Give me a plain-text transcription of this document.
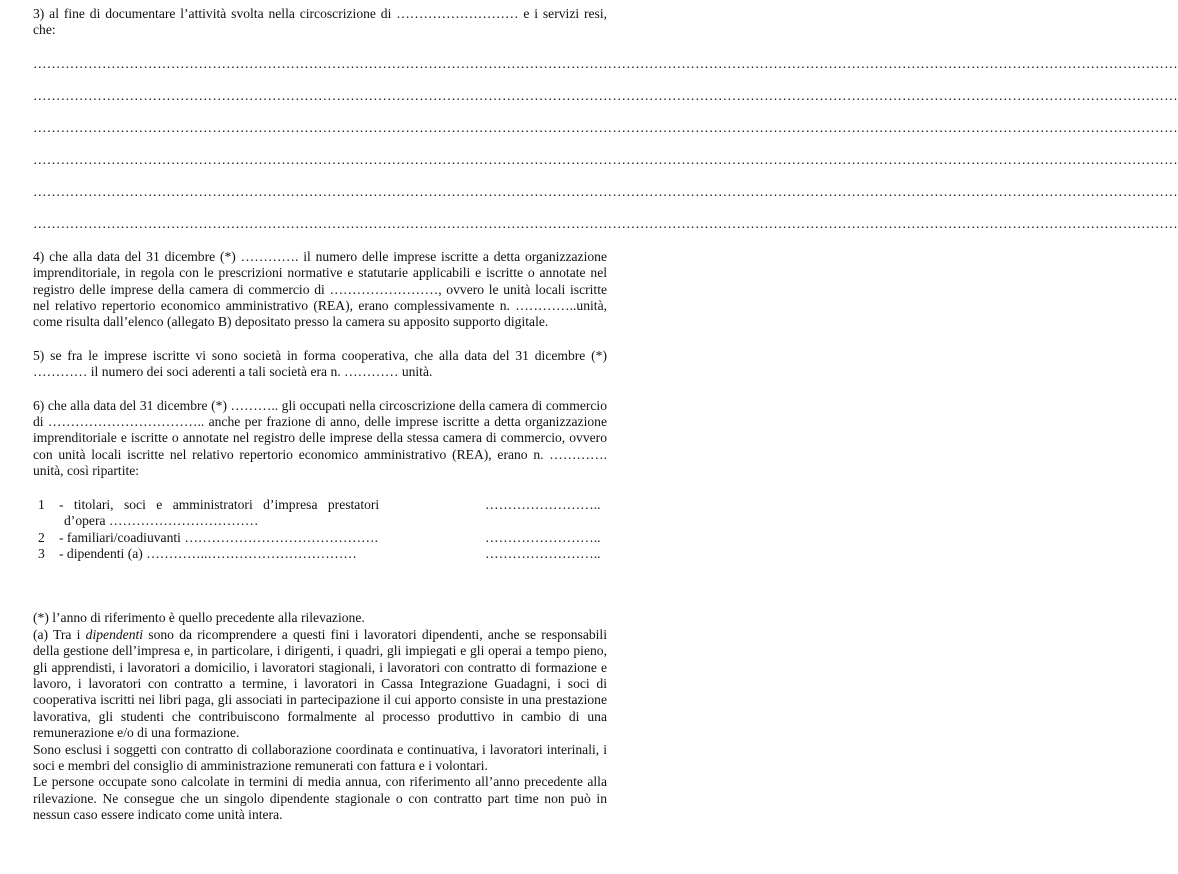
3) al fine di documentare l’attività svolta nella circoscrizione di ……………………… e i servizi resi, che:

……………………………………………………………………………………………………………………………………………………………………………………………………………………………

……………………………………………………………………………………………………………………………………………………………………………………………………………………………

……………………………………………………………………………………………………………………………………………………………………………………………………………………………

……………………………………………………………………………………………………………………………………………………………………………………………………………………………

……………………………………………………………………………………………………………………………………………………………………………………………………………………………

……………………………………………………………………………………………………………………………………………………………………………………………………………………………

4) che alla data del 31 dicembre (*) …………. il numero delle imprese iscritte a detta organizzazione imprenditoriale, in regola con le prescrizioni normative e statutarie applicabili e iscritte o annotate nel registro delle imprese della camera di commercio di ……………………, ovvero le unità locali iscritte nel relativo repertorio economico amministrativo (REA), erano complessivamente n. …………..unità, come risulta dall’elenco (allegato B) depositato presso la camera su apposito supporto digitale.

5) se fra le imprese iscritte vi sono società in forma cooperativa, che alla data del 31 dicembre (*) ………… il numero dei soci aderenti a tali società era n. ………… unità.

6) che alla data del 31 dicembre (*) ……….. gli occupati nella circoscrizione della camera di commercio di …………………………….. anche per frazione di anno, delle imprese iscritte a detta organizzazione imprenditoriale e iscritte o annotate nel registro delle imprese della stessa camera di commercio, ovvero con unità locali iscritte nel relativo repertorio economico amministrativo (REA), erano n. …………. unità, così ripartite:

1	- titolari, soci e amministratori d’impresa prestatori	……………………..
d’opera ……………………………
2	- familiari/coadiuvanti …………………………………….	……………………..
3	- dipendenti (a) …………..……………………………	……………………..

(*) l’anno di riferimento è quello precedente alla rilevazione.

(a) Tra i dipendenti sono da ricomprendere a questi fini i lavoratori dipendenti, anche se responsabili della gestione dell’impresa e, in particolare, i dirigenti, i quadri, gli impiegati e gli operai a tempo pieno, gli apprendisti, i lavoratori a domicilio, i lavoratori stagionali, i lavoratori con contratto di formazione e lavoro, i lavoratori con contratto a termine, i lavoratori in Cassa Integrazione Guadagni, i soci di cooperativa iscritti nei libri paga, gli associati in partecipazione il cui apporto consiste in una prestazione lavorativa, gli studenti che contribuiscono formalmente al processo produttivo in cambio di una remunerazione e/o di una formazione.

Sono esclusi i soggetti con contratto di collaborazione coordinata e continuativa, i lavoratori interinali, i soci e membri del consiglio di amministrazione remunerati con fattura e i volontari.

Le persone occupate sono calcolate in termini di media annua, con riferimento all’anno precedente alla rilevazione. Ne consegue che un singolo dipendente stagionale o con contratto part time non può in nessun caso essere indicato come unità intera.
